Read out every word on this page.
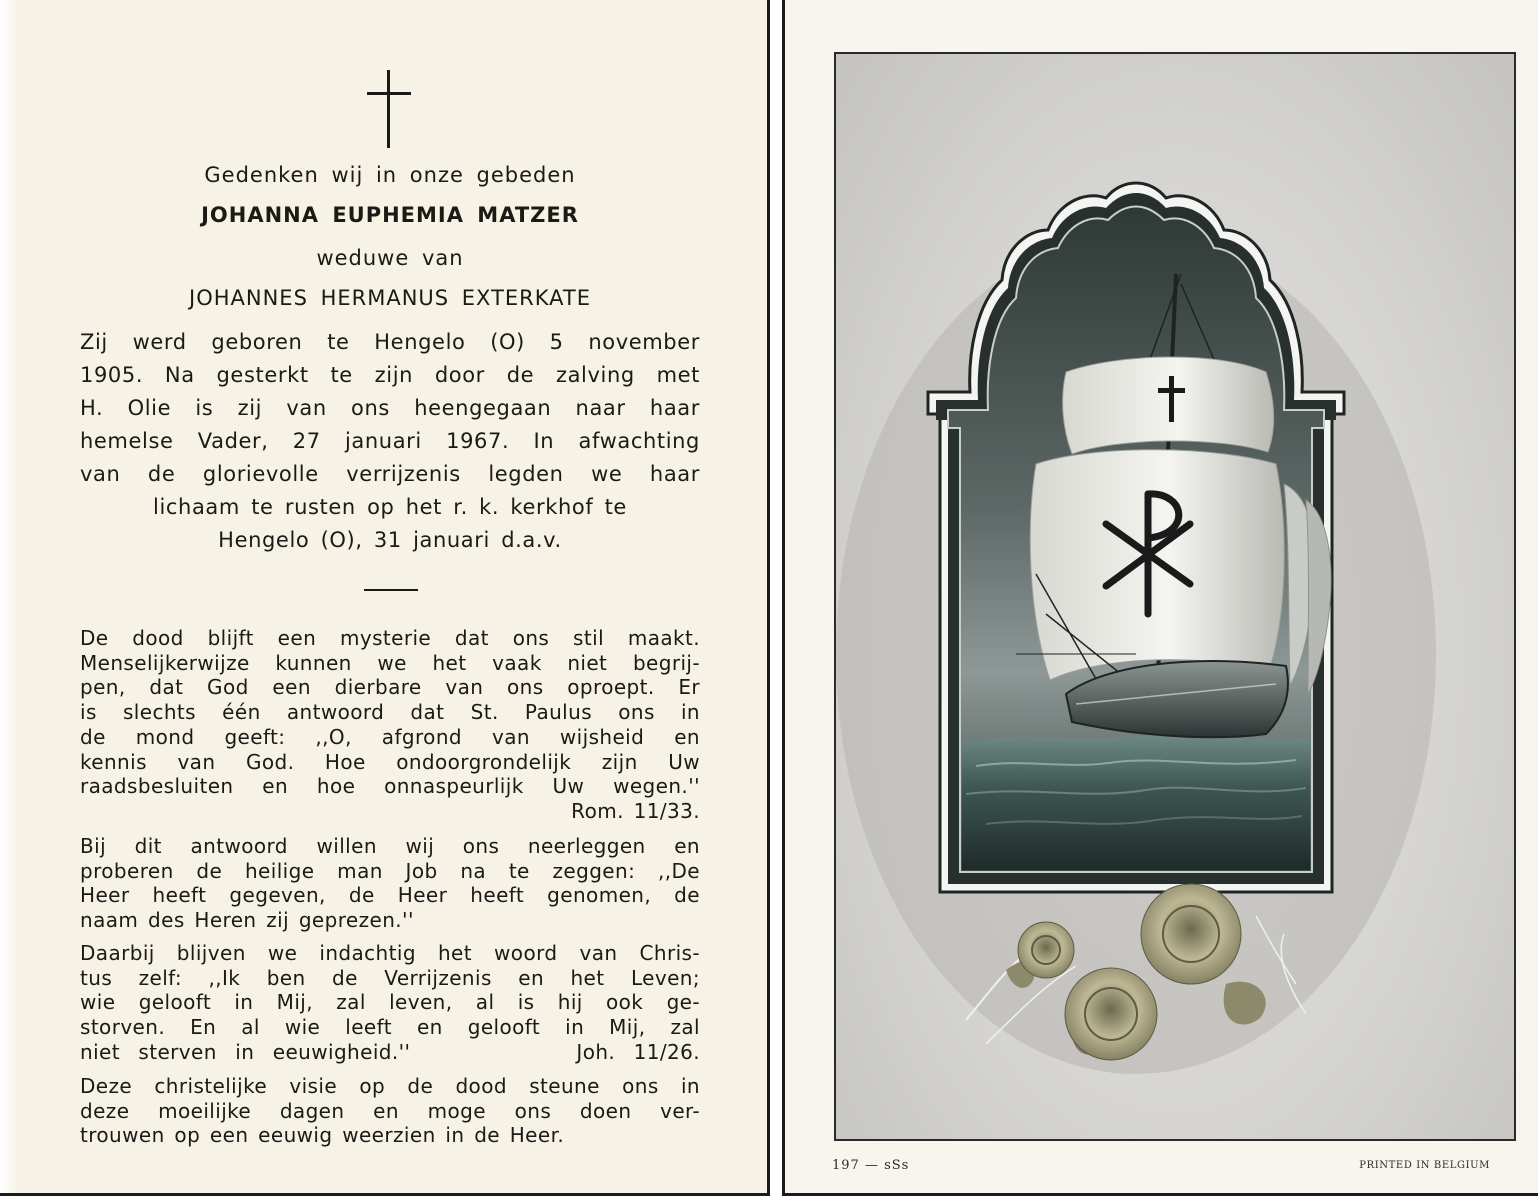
Gedenken wij in onze gebeden

JOHANNA EUPHEMIA MATZER

weduwe van

JOHANNES HERMANUS EXTERKATE

Zij werd geboren te Hengelo (O) 5 november
1905. Na gesterkt te zijn door de zalving met
H. Olie is zij van ons heengegaan naar haar
hemelse Vader, 27 januari 1967. In afwachting
van de glorievolle verrijzenis legden we haar
lichaam te rusten op het r. k. kerkhof te
Hengelo (O), 31 januari d.a.v.

De dood blijft een mysterie dat ons stil maakt.
Menselijkerwijze kunnen we het vaak niet begrij-
pen, dat God een dierbare van ons oproept. Er
is slechts één antwoord dat St. Paulus ons in
de mond geeft: ,,O, afgrond van wijsheid en
kennis van God. Hoe ondoorgrondelijk zijn Uw
raadsbesluiten en hoe onnaspeurlijk Uw wegen.''
Rom. 11/33.

Bij dit antwoord willen wij ons neerleggen en
proberen de heilige man Job na te zeggen: ,,De
Heer heeft gegeven, de Heer heeft genomen, de
naam des Heren zij geprezen.''

Daarbij blijven we indachtig het woord van Chris-
tus zelf: ,,Ik ben de Verrijzenis en het Leven;
wie gelooft in Mij, zal leven, al is hij ook ge-
storven. En al wie leeft en gelooft in Mij, zal
niet sterven in eeuwigheid.''         Joh. 11/26.

Deze christelijke visie op de dood steune ons in
deze moeilijke dagen en moge ons doen ver-
trouwen op een eeuwig weerzien in de Heer.

197 — sSs	PRINTED IN BELGIUM
